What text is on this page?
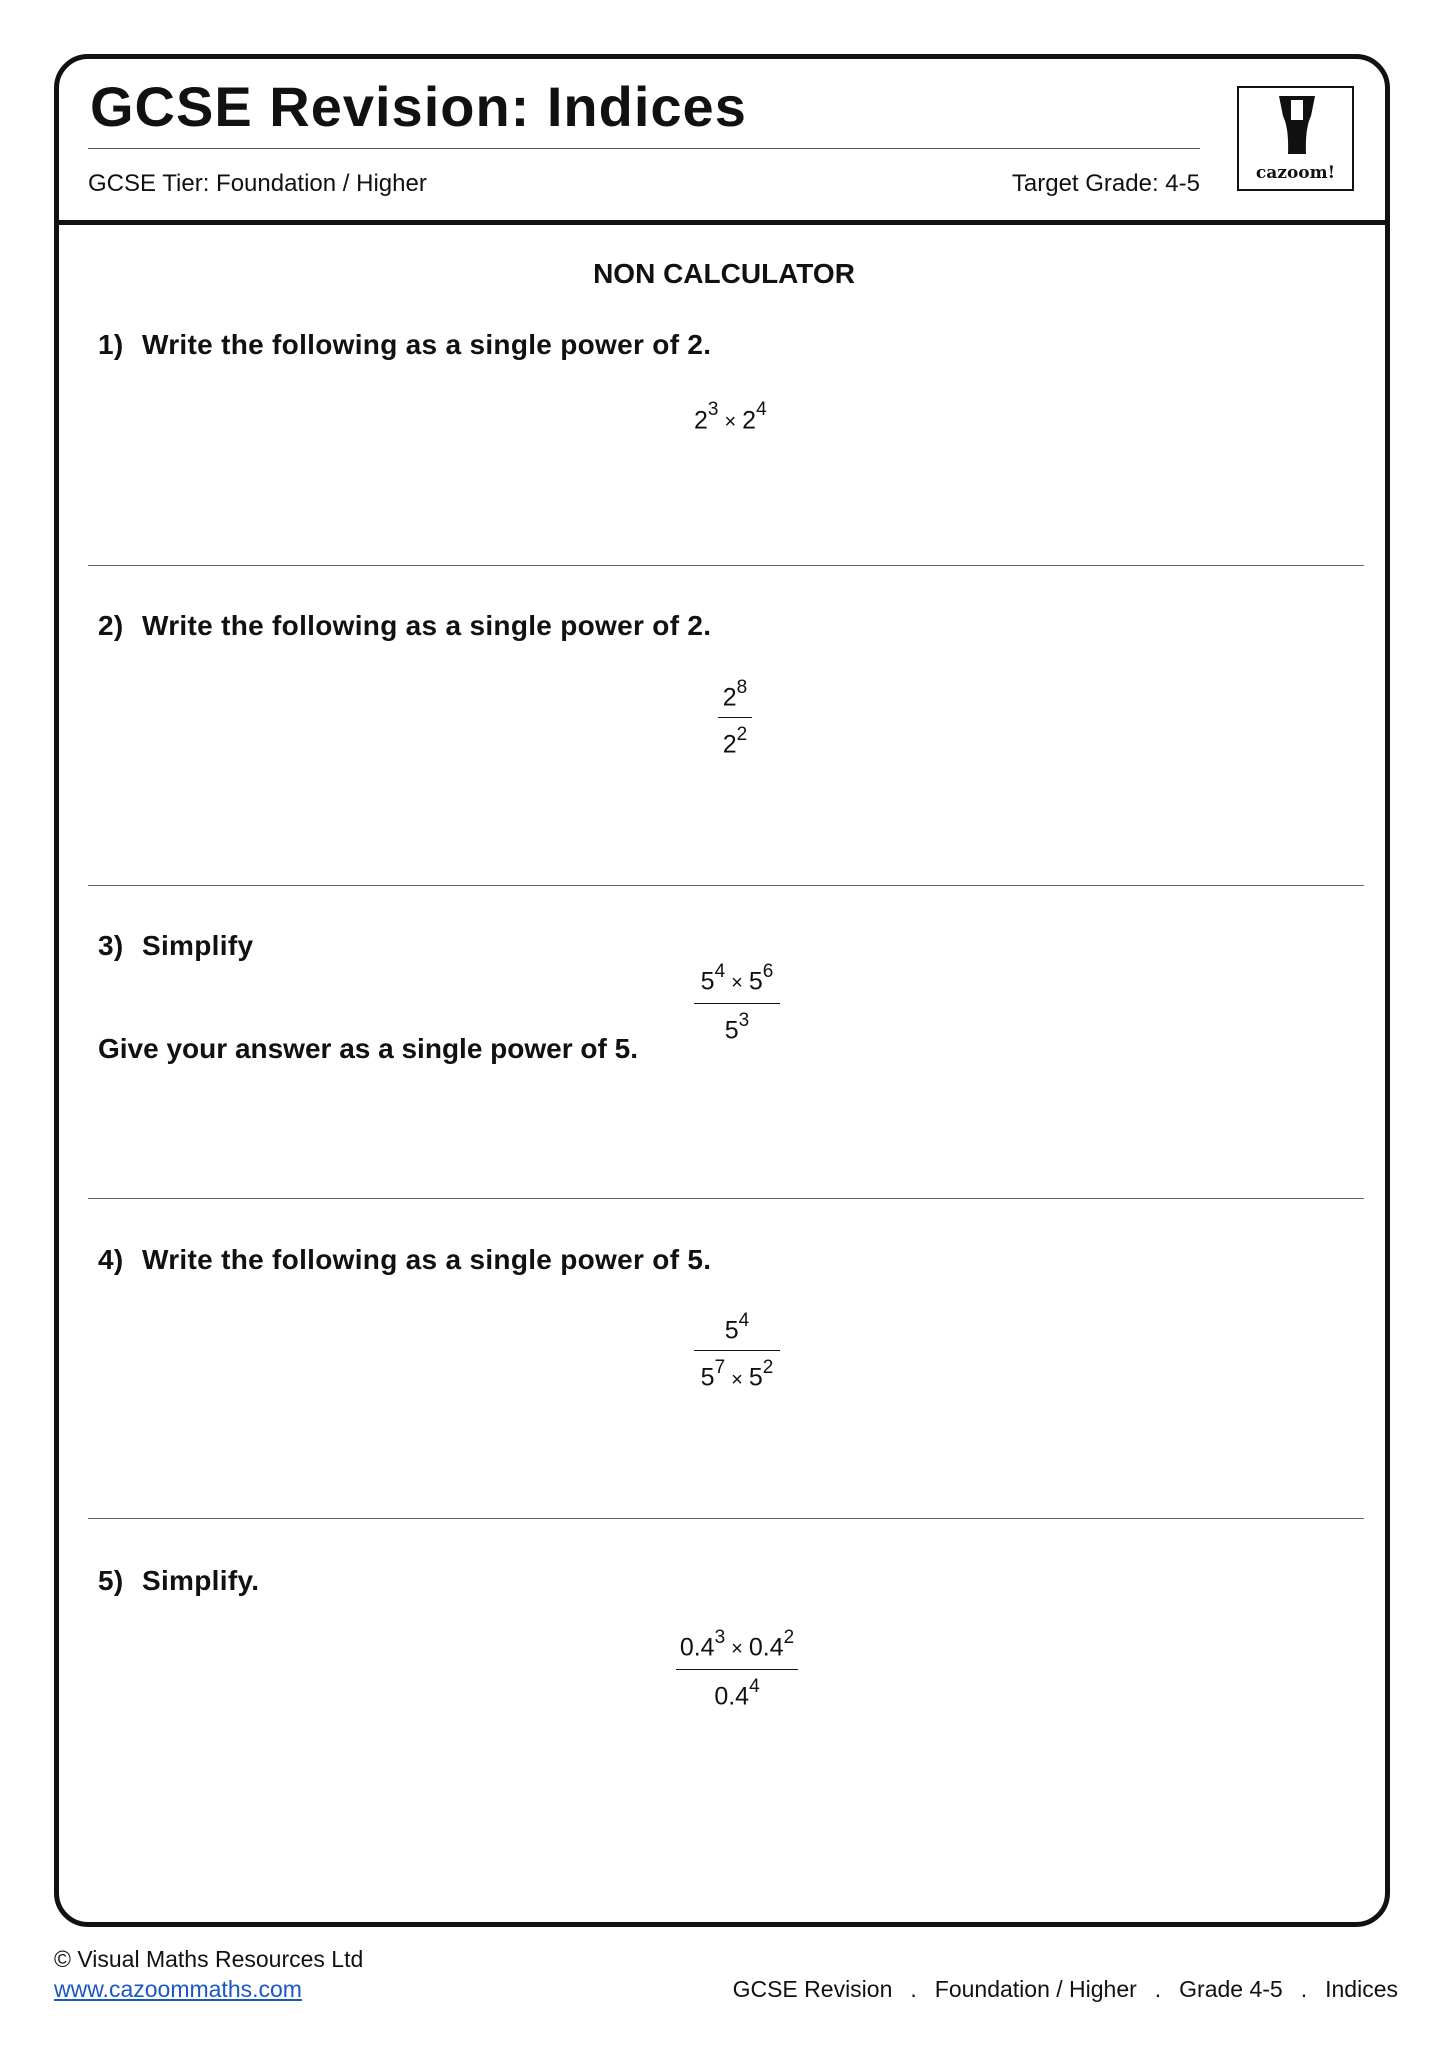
GCSE Revision: Indices
GCSE Tier: Foundation / Higher	Target Grade: 4-5	cazoom!
NON CALCULATOR
1) Write the following as a single power of 2.
$2^3\times 2^4$
2) Write the following as a single power of 2.
$2^8$
$2^2$
3) Simplify
$5^4\times 5^6$
$5^3$
Give your answer as a single power of 5.
4) Write the following as a single power of 5.
$5^4$
$5^7\times 5^2$
5) Simplify.
$0.4^3\times 0.4^2$
$0.4^4$
© Visual Maths Resources Ltd
www.cazoommaths.com	GCSE Revision . Foundation / Higher . Grade 4-5 . Indices
